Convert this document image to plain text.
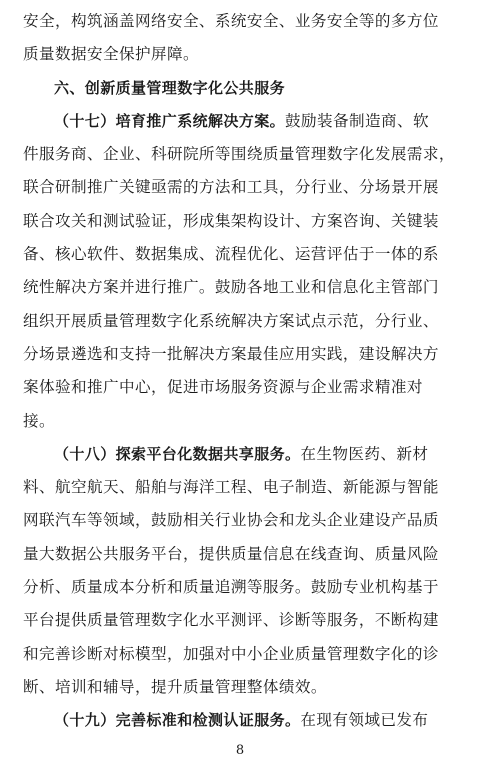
安全，构筑涵盖网络安全、系统安全、业务安全等的多方位
质量数据安全保护屏障。
六、创新质量管理数字化公共服务
（十七）培育推广系统解决方案。鼓励装备制造商、软
件服务商、企业、科研院所等围绕质量管理数字化发展需求，
联合研制推广关键亟需的方法和工具，分行业、分场景开展
联合攻关和测试验证，形成集架构设计、方案咨询、关键装
备、核心软件、数据集成、流程优化、运营评估于一体的系
统性解决方案并进行推广。鼓励各地工业和信息化主管部门
组织开展质量管理数字化系统解决方案试点示范，分行业、
分场景遴选和支持一批解决方案最佳应用实践，建设解决方
案体验和推广中心，促进市场服务资源与企业需求精准对
接。
（十八）探索平台化数据共享服务。在生物医药、新材
料、航空航天、船舶与海洋工程、电子制造、新能源与智能
网联汽车等领域，鼓励相关行业协会和龙头企业建设产品质
量大数据公共服务平台，提供质量信息在线查询、质量风险
分析、质量成本分析和质量追溯等服务。鼓励专业机构基于
平台提供质量管理数字化水平测评、诊断等服务，不断构建
和完善诊断对标模型，加强对中小企业质量管理数字化的诊
断、培训和辅导，提升质量管理整体绩效。
（十九）完善标准和检测认证服务。在现有领域已发布
8
